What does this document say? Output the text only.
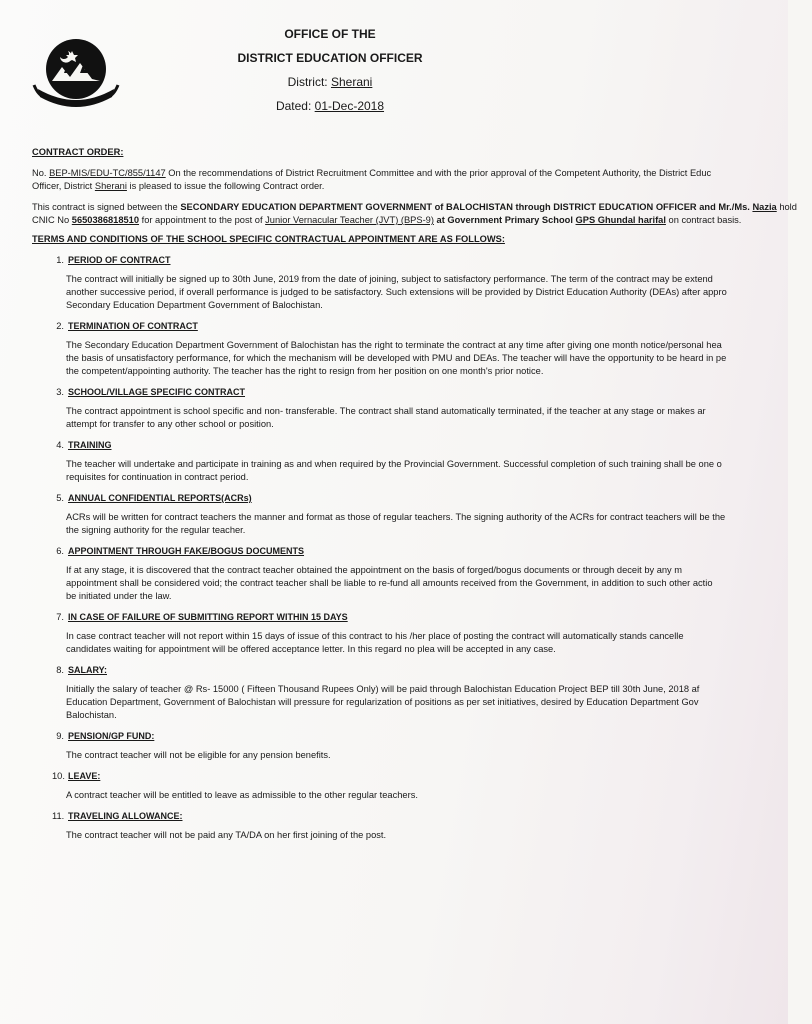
OFFICE OF THE
DISTRICT EDUCATION OFFICER
District: Sherani
Dated: 01-Dec-2018
CONTRACT ORDER:
No. BEP-MIS/EDU-TC/855/1147 On the recommendations of District Recruitment Committee and with the prior approval of the Competent Authority, the District Educ
Officer, District Sherani is pleased to issue the following Contract order.
This contract is signed between the SECONDARY EDUCATION DEPARTMENT GOVERNMENT of BALOCHISTAN through DISTRICT EDUCATION OFFICER and Mr./Ms. Nazia hold
CNIC No 5650386818510 for appointment to the post of Junior Vernacular Teacher (JVT) (BPS-9) at Government Primary School GPS Ghundal harifal on contract basis.
TERMS AND CONDITIONS OF THE SCHOOL SPECIFIC CONTRACTUAL APPOINTMENT ARE AS FOLLOWS:
1. PERIOD OF CONTRACT
The contract will initially be signed up to 30th June, 2019 from the date of joining, subject to satisfactory performance. The term of the contract may be extend
another successive period, if overall performance is judged to be satisfactory. Such extensions will be provided by District Education Authority (DEAs) after appro
Secondary Education Department Government of Balochistan.
2. TERMINATION OF CONTRACT
The Secondary Education Department Government of Balochistan has the right to terminate the contract at any time after giving one month notice/personal hea
the basis of unsatisfactory performance, for which the mechanism will be developed with PMU and DEAs. The teacher will have the opportunity to be heard in pe
the competent/appointing authority. The teacher has the right to resign from her position on one month's prior notice.
3. SCHOOL/VILLAGE SPECIFIC CONTRACT
The contract appointment is school specific and non- transferable. The contract shall stand automatically terminated, if the teacher at any stage or makes ar
attempt for transfer to any other school or position.
4. TRAINING
The teacher will undertake and participate in training as and when required by the Provincial Government. Successful completion of such training shall be one o
requisites for continuation in contract period.
5. ANNUAL CONFIDENTIAL REPORTS(ACRs)
ACRs will be written for contract teachers the manner and format as those of regular teachers. The signing authority of the ACRs for contract teachers will be the
the signing authority for the regular teacher.
6. APPOINTMENT THROUGH FAKE/BOGUS DOCUMENTS
If at any stage, it is discovered that the contract teacher obtained the appointment on the basis of forged/bogus documents or through deceit by any m
appointment shall be considered void; the contract teacher shall be liable to re-fund all amounts received from the Government, in addition to such other actio
be initiated under the law.
7. IN CASE OF FAILURE OF SUBMITTING REPORT WITHIN 15 DAYS
In case contract teacher will not report within 15 days of issue of this contract to his /her place of posting the contract will automatically stands cancelle
candidates waiting for appointment will be offered acceptance letter. In this regard no plea will be accepted in any case.
8. SALARY:
Initially the salary of teacher @ Rs- 15000 ( Fifteen Thousand Rupees Only) will be paid through Balochistan Education Project BEP till 30th June, 2018 af
Education Department, Government of Balochistan will pressure for regularization of positions as per set initiatives, desired by Education Department Gov
Balochistan.
9. PENSION/GP FUND:
The contract teacher will not be eligible for any pension benefits.
10. LEAVE:
A contract teacher will be entitled to leave as admissible to the other regular teachers.
11. TRAVELING ALLOWANCE:
The contract teacher will not be paid any TA/DA on her first joining of the post.
